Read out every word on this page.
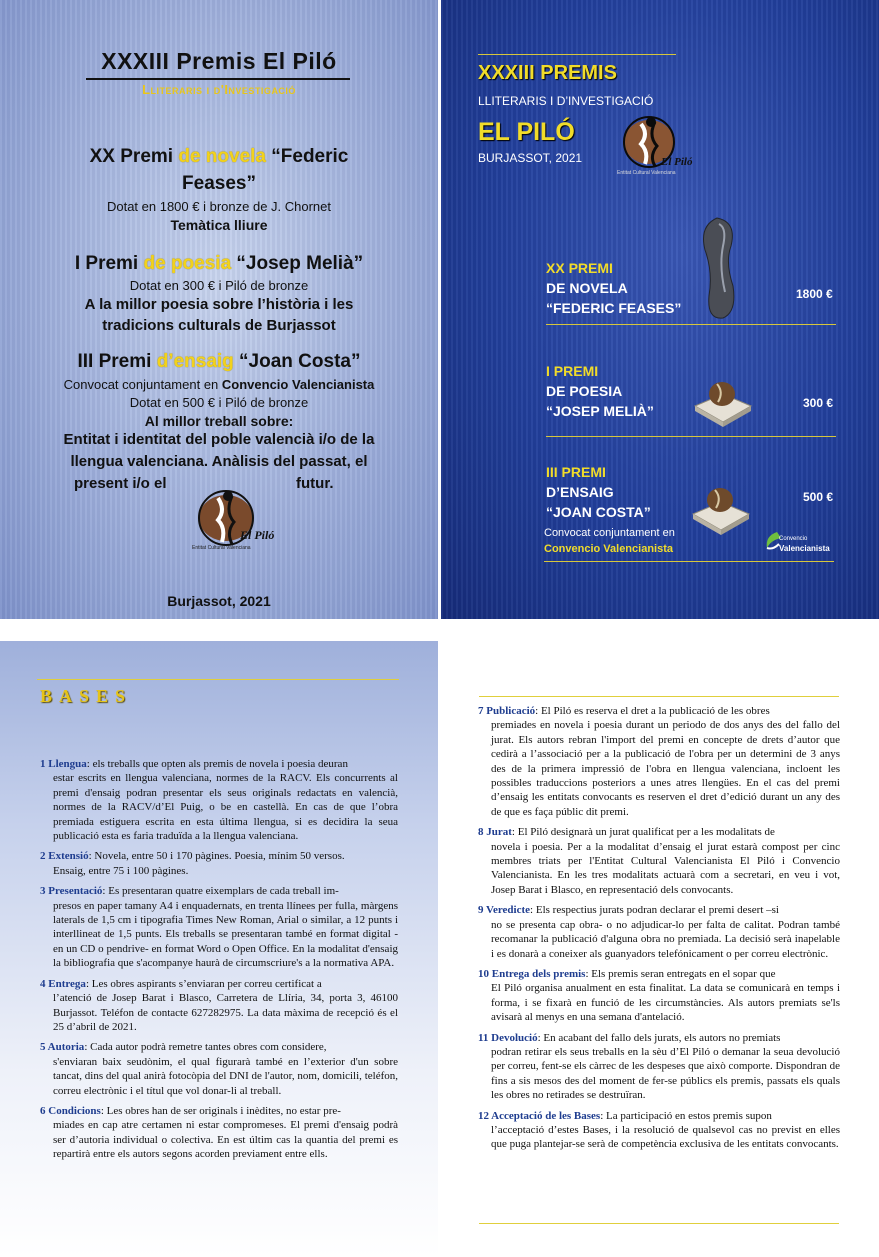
XXXIII Premis El Piló
Lliteraris i d'Investigació
XX Premi de novela “Federic
Feases”
Dotat en 1800 € i bronze de J. Chornet
Temàtica lliure
I Premi de poesia “Josep Melià”
Dotat en 300 € i Piló de bronze
A la millor poesia sobre l’història i les
tradicions culturals de Burjassot
III Premi d’ensaig “Joan Costa”
Convocat conjuntament en Convencio Valencianista
Dotat en 500 € i Piló de bronze
Al millor treball sobre:
Entitat i identitat del poble valencià i/o de la
llengua valenciana. Anàlisis del passat, el
present i/o el	futur.
El Piló
Entitat Cultural Valenciana
Burjassot, 2021
XXXIII PREMIS
LLITERARIS I D’INVESTIGACIÓ
EL PILÓ
BURJASSOT, 2021	El Piló
Entitat Cultural Valenciana
XX PREMI
DE NOVELA
“FEDERIC FEASES”
1800 €
I PREMI
DE POESIA
“JOSEP MELIÀ”	300 €
III PREMI
D’ENSAIG
“JOAN COSTA”
500 €
Convocat conjuntament en
Convencio Valencianista
Convencio
Valencianista
BASES
1 Llengua: els treballs que opten als premis de novela i poesia deuran
estar escrits en llengua valenciana, normes de la RACV. Els concurrents al premi d'ensaig podran presentar els seus originals redactats en valencià, normes de la RACV/d’El Puig, o be en castellà. En cas de que l’obra premiada estiguera escrita en esta última llengua, si es decidira la seua publicació esta es faria traduïda a la llengua valenciana.
2 Extensió: Novela, entre 50 i 170 pàgines. Poesia, mínim 50 versos.
Ensaig, entre 75 i 100 pàgines.
3 Presentació: Es presentaran quatre eixemplars de cada treball im-
presos en paper tamany A4 i enquadernats, en trenta llínees per fulla, màrgens laterals de 1,5 cm i tipografia Times New Roman, Arial o similar, a 12 punts i interllineat de 1,5 punts. Els treballs se presentaran també en format digital -en un CD o pendrive- en format Word o Open Office. En la modalitat d'ensaig la bibliografia que s'acompanye haurà de circumscriure's a la normativa APA.
4 Entrega: Les obres aspirants s’enviaran per correu certificat a
l’atenció de Josep Barat i Blasco, Carretera de Llíria, 34, porta 3, 46100 Burjassot. Teléfon de contacte 627282975. La data màxima de recepció és el 25 d’abril de 2021.
5 Autoria: Cada autor podrà remetre tantes obres com considere,
s'enviaran baix seudònim, el qual figurarà també en l’exterior d'un sobre tancat, dins del qual anirà fotocòpia del DNI de l'autor, nom, domicili, teléfon, correu electrònic i el títul que vol donar-li al treball.
6 Condicions: Les obres han de ser originals i inèdites, no estar pre-
miades en cap atre certamen ni estar compromeses. El premi d'ensaig podrà ser d’autoria individual o colectiva. En est últim cas la quantia del premi es repartirà entre els autors segons acorden previament entre ells.
7 Publicació: El Piló es reserva el dret a la publicació de les obres
premiades en novela i poesia durant un periodo de dos anys des del fallo del jurat. Els autors rebran l'import del premi en concepte de drets d’autor que cedirà a l’associació per a la publicació de l'obra per un determini de 3 anys des de la primera impressió de l'obra en llengua valenciana, incloent les possibles traduccions posteriors a unes atres llengües. En el cas del premi d’ensaig les entitats convocants es reserven el dret d’edició durant un any des de que es faça públic dit premi.
8 Jurat: El Piló designarà un jurat qualificat per a les modalitats de
novela i poesia. Per a la modalitat d’ensaig el jurat estarà compost per cinc membres triats per l'Entitat Cultural Valencianista El Piló i Convencio Valencianista. En les tres modalitats actuarà com a secretari, en veu i vot, Josep Barat i Blasco, en representació dels convocants.
9 Veredicte: Els respectius jurats podran declarar el premi desert –si
no se presenta cap obra- o no adjudicar-lo per falta de calitat. Podran també recomanar la publicació d'alguna obra no premiada. La decisió serà inapelable i es donarà a coneixer als guanyadors telefónicament o per correu electrònic.
10 Entrega dels premis: Els premis seran entregats en el sopar que
El Piló organisa anualment en esta finalitat. La data se comunicarà en temps i forma, i se fixarà en funció de les circumstàncies. Als autors premiats se'ls avisarà al menys en una semana d'antelació.
11 Devolució: En acabant del fallo dels jurats, els autors no premiats
podran retirar els seus treballs en la sèu d’El Piló o demanar la seua devolució per correu, fent-se els càrrec de les despeses que això comporte. Dispondran de fins a sis mesos des del moment de fer-se públics els premis, passats els quals les obres no retirades se destruïran.
12 Acceptació de les Bases: La participació en estos premis supon
l’acceptació d’estes Bases, i la resolució de qualsevol cas no previst en elles que puga plantejar-se serà de competència exclusiva de les entitats convocants.
